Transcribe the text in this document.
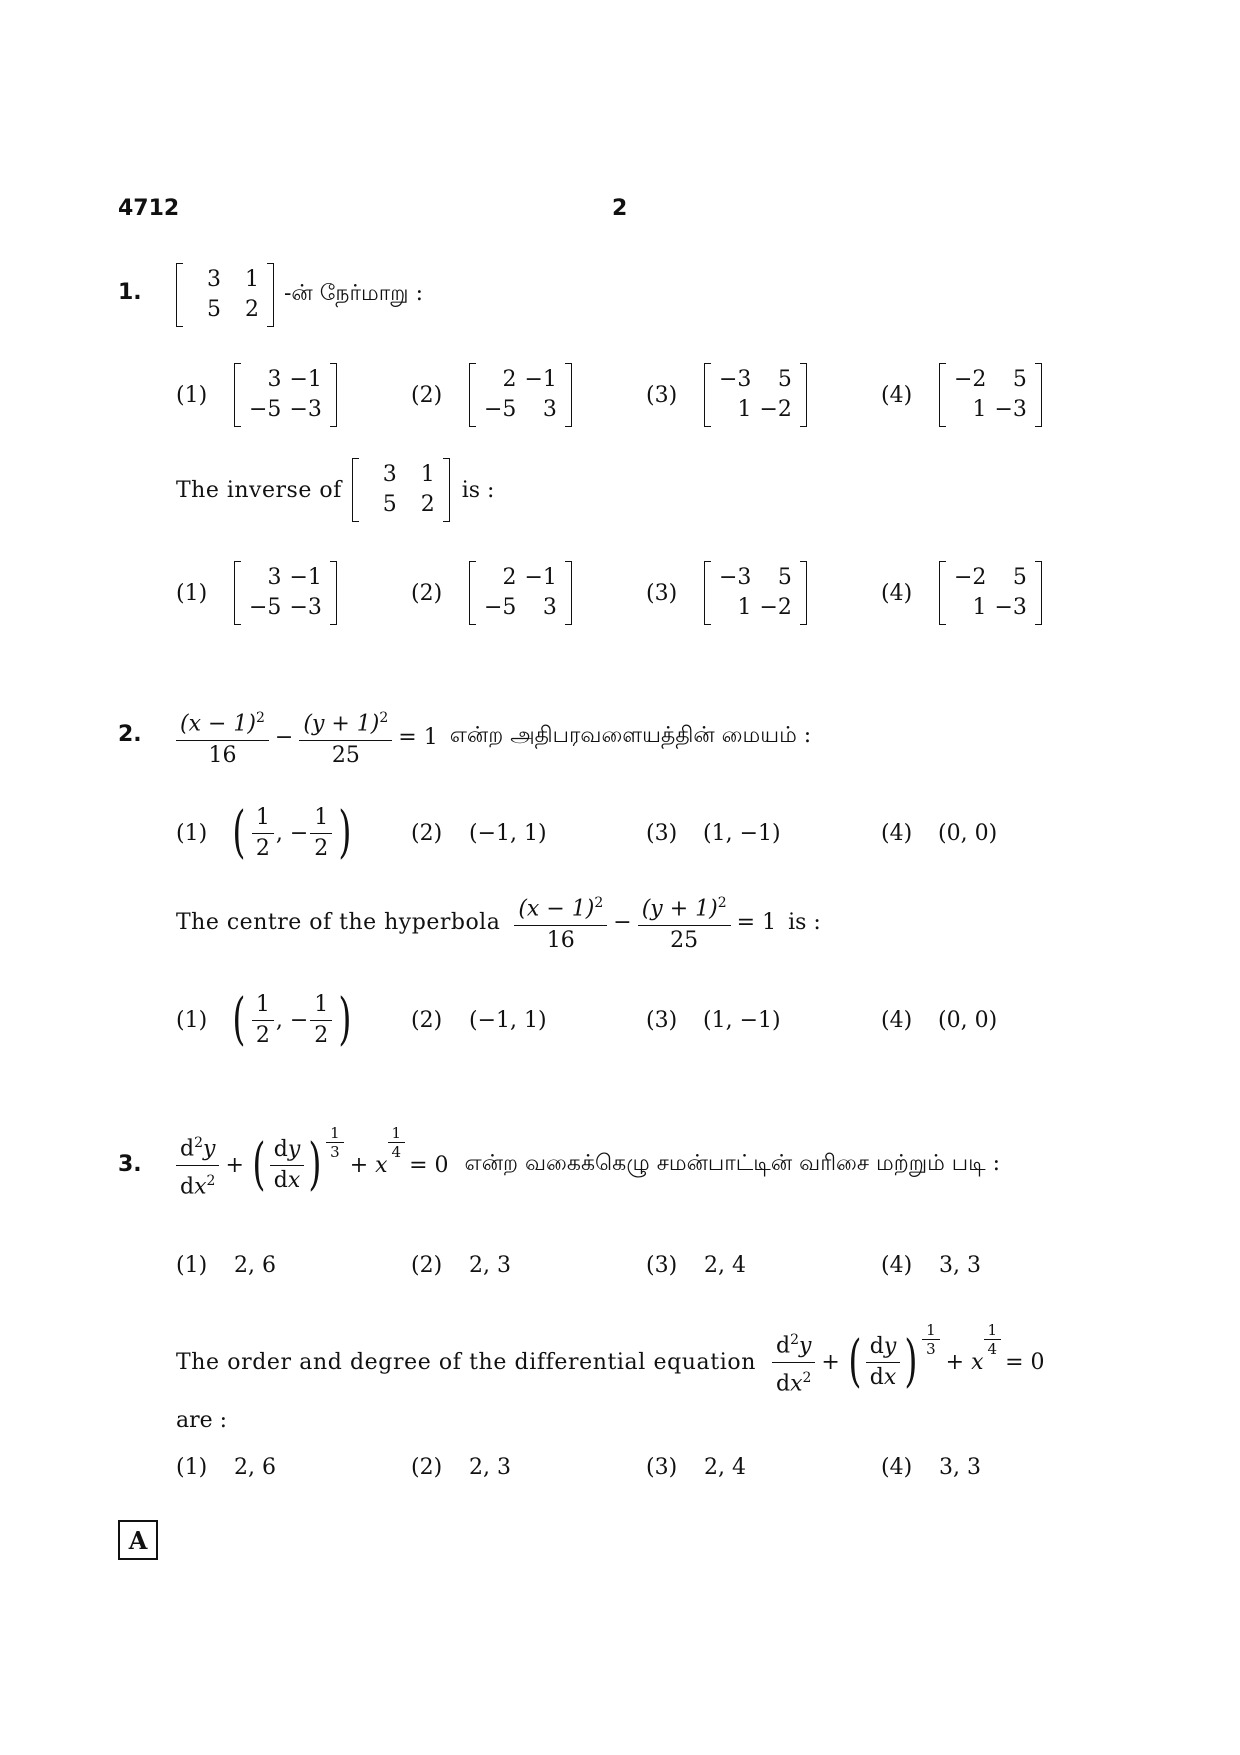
4712	2
1.
3	1
5	2
-ன் நேர்மாறு :
(1)
3 −1
−5 −3
(2)
2 −1
−5	3
(3)
−3	5
1 −2
(4)
−2	5
1 −3
The inverse of
3	1
5	2
is :
(1)
3 −1
−5 −3
(2)
2 −1
−5	3
(3)
−3	5
1 −2
(4)
−2	5
1 −3
2. $\frac{(x - 1)^2}{16} - \frac{(y + 1)^2}{25} = 1$ என்ற அதிபரவளையத்தின் மையம் :
(1) ( $\frac{1}{2}$ , − $\frac{1}{2}$ )	(2) (−1, 1)	(3) (1, −1)	(4) (0, 0)
The centre of the hyperbola $\frac{(x - 1)^2}{16} - \frac{(y + 1)^2}{25} = 1$ is :
(1) ( $\frac{1}{2}$ , − $\frac{1}{2}$ )	(2) (−1, 1)	(3) (1, −1)	(4) (0, 0)
3. $\frac{d^2y}{dx^2}$ + ( $\frac{dy}{dx}$ ) $\frac{1}{3}$
+ x
$\frac{1}{4}$
= 0 என்ற வகைக்கெழு சமன்பாட்டின் வரிசை மற்றும் படி :
(1) 2, 6	(2) 2, 3	(3) 2, 4	(4) 3, 3
The order and degree of the differential equation $\frac{d^2y}{dx^2}$ + ( $\frac{dy}{dx}$ ) $\frac{1}{3}$
+ x
$\frac{1}{4}$
= 0
are :
(1) 2, 6	(2) 2, 3	(3) 2, 4	(4) 3, 3
A
